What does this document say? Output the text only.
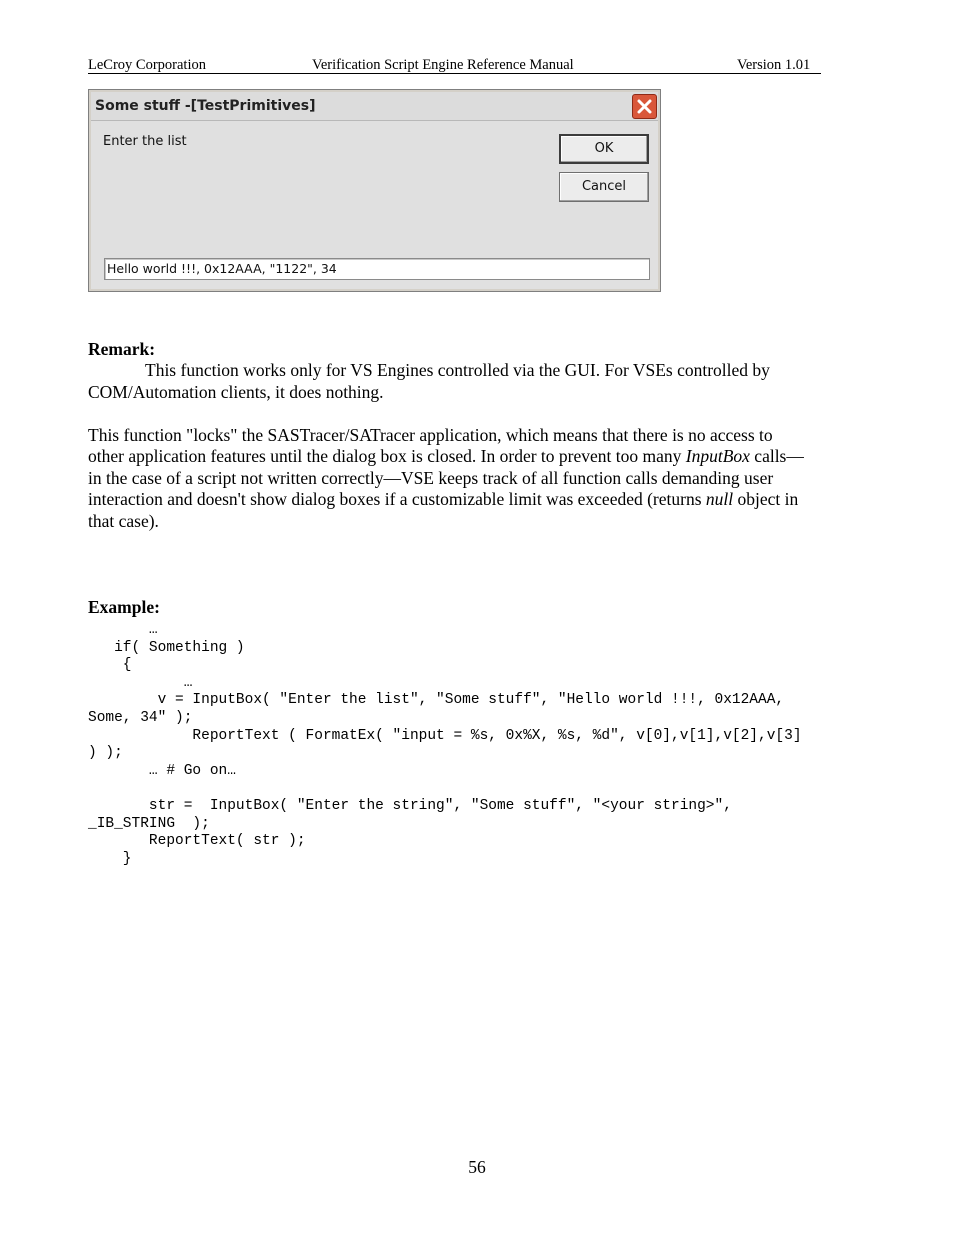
LeCroy Corporation	Verification Script Engine Reference Manual	Version 1.01
Some stuff -[TestPrimitives]
Enter the list	OK
Cancel
Hello world !!!, 0x12AAA, "1122", 34
Remark:
This function works only for VS Engines controlled via the GUI. For VSEs controlled by
COM/Automation clients, it does nothing.
This function "locks" the SASTracer/SATracer application, which means that there is no access to
other application features until the dialog box is closed. In order to prevent too many InputBox calls—
in the case of a script not written correctly—VSE keeps track of all function calls demanding user
interaction and doesn't show dialog boxes if a customizable limit was exceeded (returns null object in
that case).
Example:
…
if( Something )
{
…
v = InputBox( "Enter the list", "Some stuff", "Hello world !!!, 0x12AAA,
Some, 34" );
ReportText ( FormatEx( "input = %s, 0x%X, %s, %d", v[0],v[1],v[2],v[3]
) );
… # Go on…

str =  InputBox( "Enter the string", "Some stuff", "<your string>",
_IB_STRING  );
ReportText( str );
}
56
